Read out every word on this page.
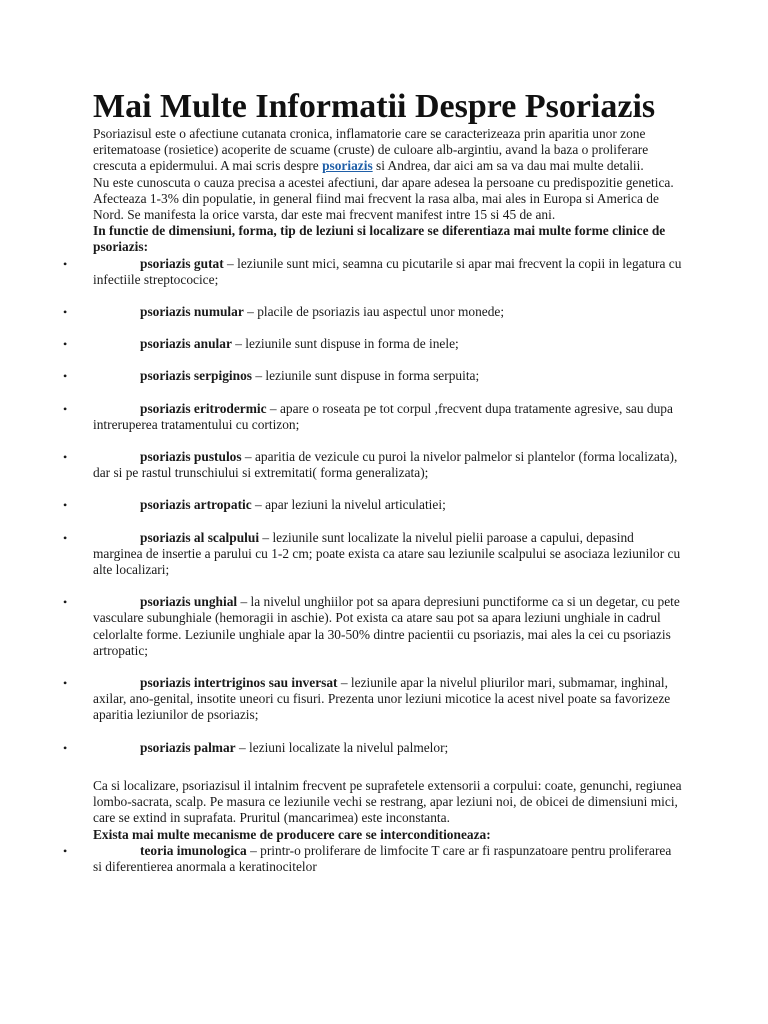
Mai Multe Informatii Despre Psoriazis

Psoriazisul este o afectiune cutanata cronica, inflamatorie care se caracterizeaza prin aparitia unor zone eritematoase (rosietice) acoperite de scuame (cruste) de culoare alb-argintiu, avand la baza o proliferare crescuta a epidermului. A mai scris despre psoriazis si Andrea, dar aici am sa va dau mai multe detalii.

Nu este cunoscuta o cauza precisa a acestei afectiuni, dar apare adesea la persoane cu predispozitie genetica. Afecteaza 1-3% din populatie, in general fiind mai frecvent la rasa alba, mai ales in Europa si America de Nord. Se manifesta la orice varsta, dar este mai frecvent manifest intre 15 si 45 de ani.

In functie de dimensiuni, forma, tip de leziuni si localizare se diferentiaza mai multe forme clinice de psoriazis:

•	psoriazis gutat – leziunile sunt mici, seamna cu picutarile si apar mai frecvent la copii in legatura cu infectiile streptococice;
•	psoriazis numular – placile de psoriazis iau aspectul unor monede;
•	psoriazis anular – leziunile sunt dispuse in forma de inele;
•	psoriazis serpiginos – leziunile sunt dispuse in forma serpuita;
•	psoriazis eritrodermic – apare o roseata pe tot corpul ,frecvent dupa tratamente agresive, sau dupa intreruperea tratamentului cu cortizon;
•	psoriazis pustulos – aparitia de vezicule cu puroi la nivelor palmelor si plantelor (forma localizata), dar si pe rastul trunschiului si extremitati( forma generalizata);
•	psoriazis artropatic – apar leziuni la nivelul articulatiei;
•	psoriazis al scalpului – leziunile sunt localizate la nivelul pielii paroase a capului, depasind marginea de insertie a parului cu 1-2 cm; poate exista ca atare sau leziunile scalpului se asociaza leziunilor cu alte localizari;
•	psoriazis unghial – la nivelul unghiilor pot sa apara depresiuni punctiforme ca si un degetar, cu pete vasculare subunghiale (hemoragii in aschie). Pot exista ca atare sau pot sa apara leziuni unghiale in cadrul celorlalte forme. Leziunile unghiale apar la 30-50% dintre pacientii cu psoriazis, mai ales la cei cu psoriazis artropatic;
•	psoriazis intertriginos sau inversat – leziunile apar la nivelul pliurilor mari, submamar, inghinal, axilar, ano-genital, insotite uneori cu fisuri. Prezenta unor leziuni micotice la acest nivel poate sa favorizeze aparitia leziunilor de psoriazis;
•	psoriazis palmar – leziuni localizate la nivelul palmelor;

Ca si localizare, psoriazisul il intalnim frecvent pe suprafetele extensorii a corpului: coate, genunchi, regiunea lombo-sacrata, scalp. Pe masura ce leziunile vechi se restrang, apar leziuni noi, de obicei de dimensiuni mici, care se extind in suprafata. Pruritul (mancarimea) este inconstanta.

Exista mai multe mecanisme de producere care se interconditioneaza:

•	teoria imunologica – printr-o proliferare de limfocite T care ar fi raspunzatoare pentru proliferarea si diferentierea anormala a keratinocitelor
